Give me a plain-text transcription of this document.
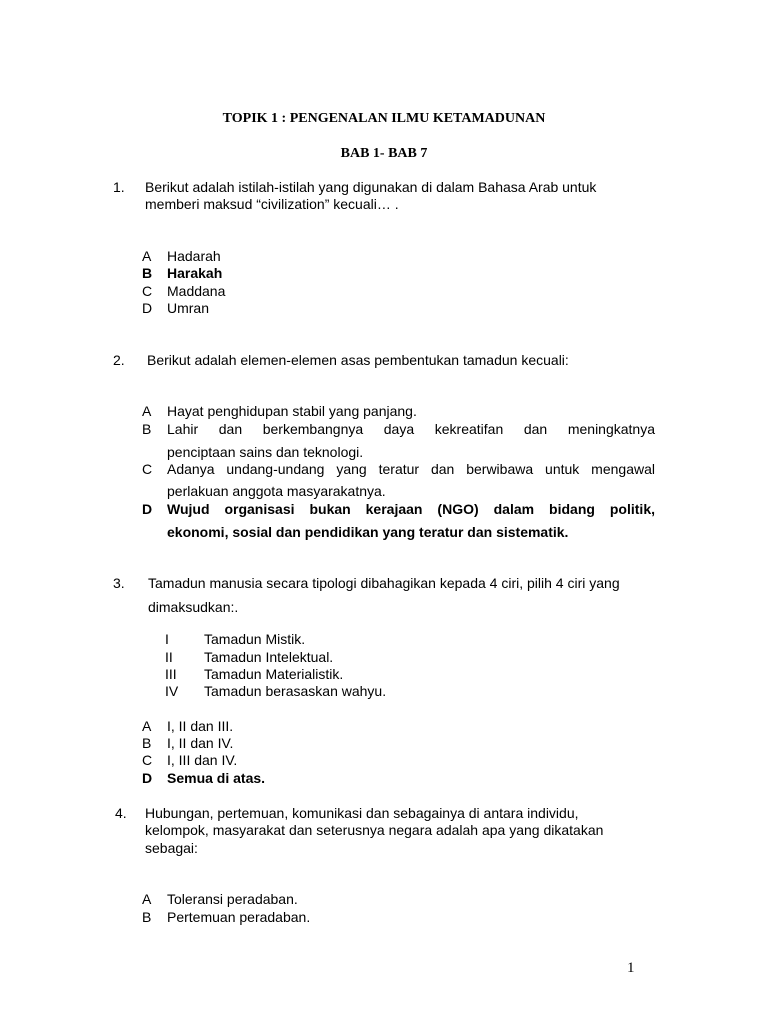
TOPIK 1 : PENGENALAN ILMU KETAMADUNAN
BAB 1- BAB 7
1. Berikut adalah istilah-istilah yang digunakan di dalam Bahasa Arab untuk
memberi maksud “civilization” kecuali… .
A Hadarah
B Harakah
C Maddana
D Umran
2. Berikut adalah elemen-elemen asas pembentukan tamadun kecuali:
A Hayat penghidupan stabil yang panjang.
B Lahir dan berkembangnya daya kekreatifan dan meningkatnya
penciptaan sains dan teknologi.
C Adanya undang-undang yang teratur dan berwibawa untuk mengawal
perlakuan anggota masyarakatnya.
D Wujud organisasi bukan kerajaan (NGO) dalam bidang politik,
ekonomi, sosial dan pendidikan yang teratur dan sistematik.
3. Tamadun manusia secara tipologi dibahagikan kepada 4 ciri, pilih 4 ciri yang
dimaksudkan:.
I	Tamadun Mistik.
II Tamadun Intelektual.
III Tamadun Materialistik.
IV Tamadun berasaskan wahyu.
A I, II dan III.
B I, II dan IV.
C I, III dan IV.
D Semua di atas.
4. Hubungan, pertemuan, komunikasi dan sebagainya di antara individu,
kelompok, masyarakat dan seterusnya negara adalah apa yang dikatakan
sebagai:
A Toleransi peradaban.
B Pertemuan peradaban.
1
